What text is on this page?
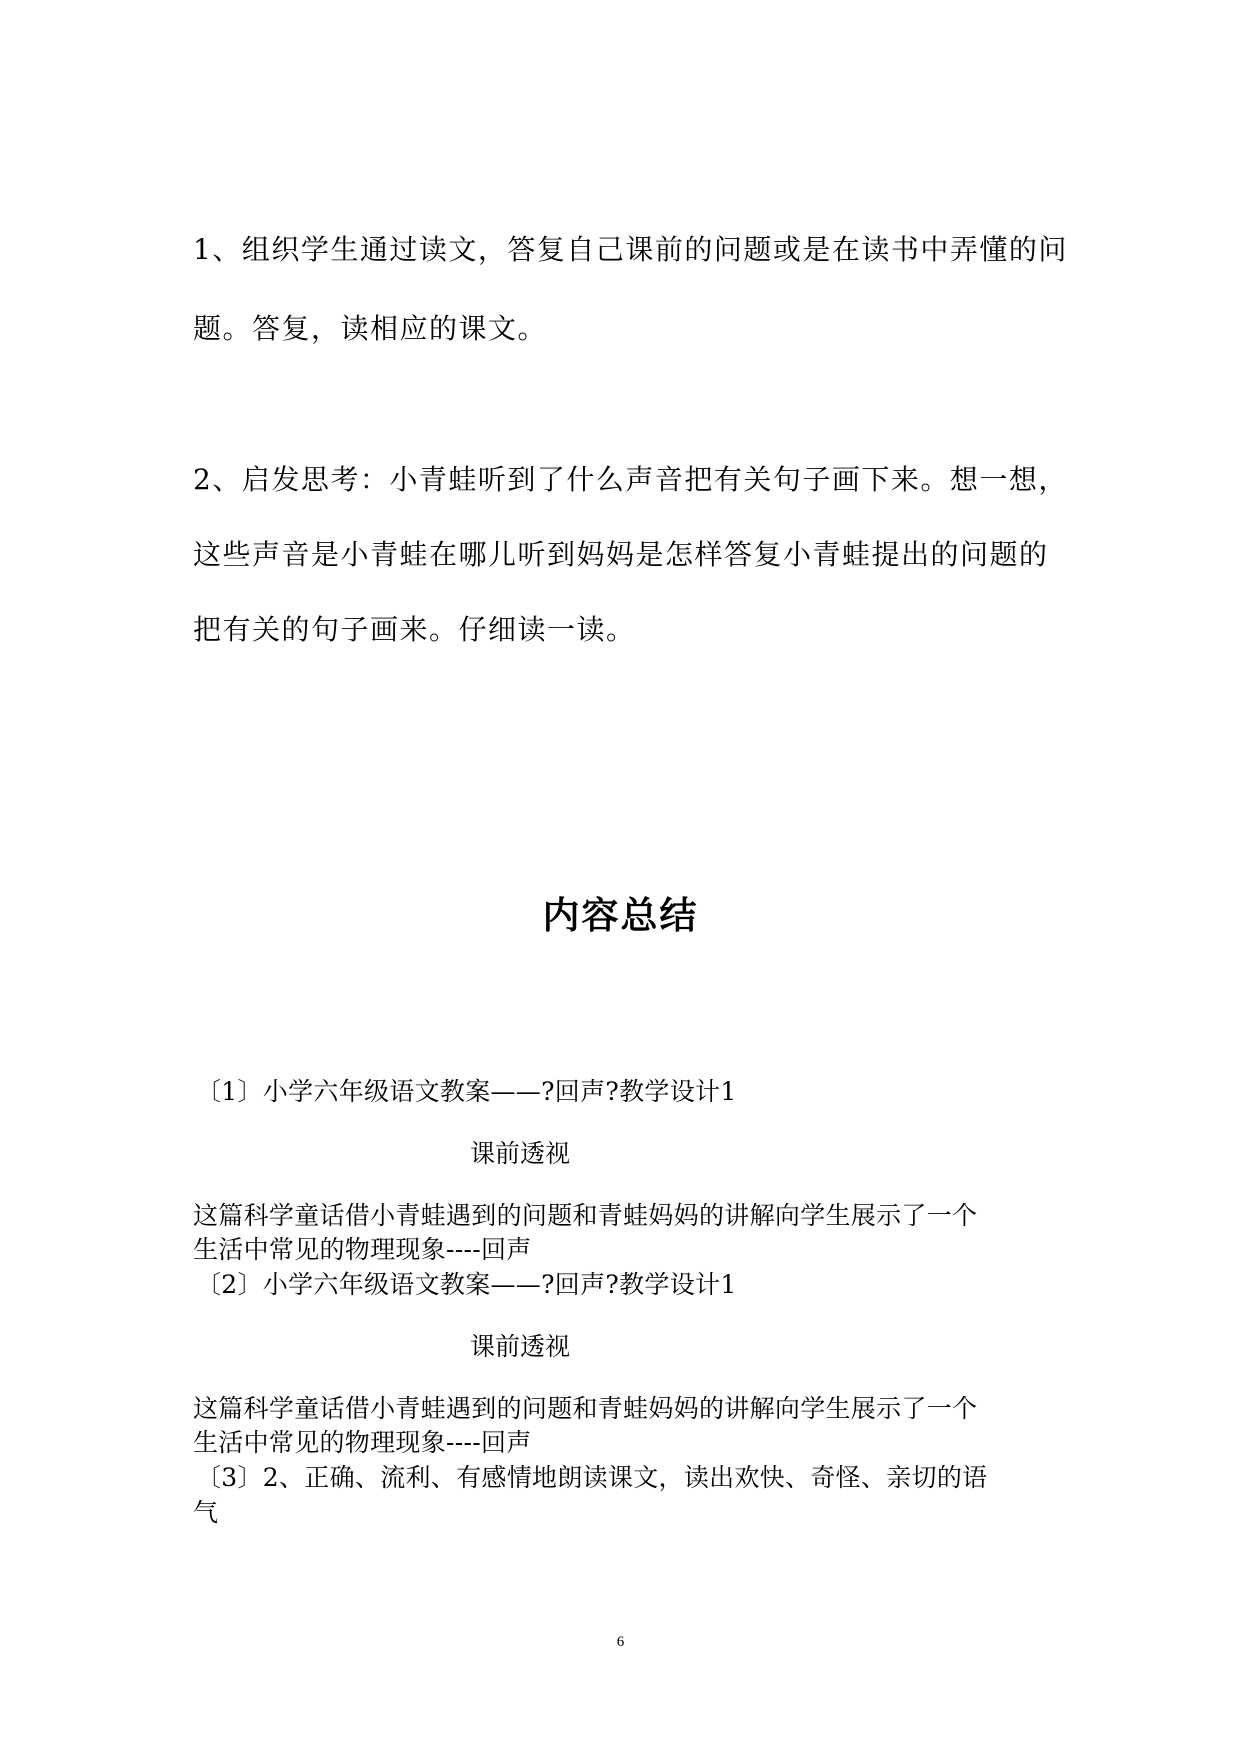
1、组织学生通过读文，答复自己课前的问题或是在读书中弄懂的问
题。答复，读相应的课文。
2、启发思考：小青蛙听到了什么声音把有关句子画下来。想一想，
这些声音是小青蛙在哪儿听到妈妈是怎样答复小青蛙提出的问题的
把有关的句子画来。仔细读一读。
内容总结
〔1〕小学六年级语文教案——?回声?教学设计1
课前透视
这篇科学童话借小青蛙遇到的问题和青蛙妈妈的讲解向学生展示了一个
生活中常见的物理现象----回声
〔2〕小学六年级语文教案——?回声?教学设计1
课前透视
这篇科学童话借小青蛙遇到的问题和青蛙妈妈的讲解向学生展示了一个
生活中常见的物理现象----回声
〔3〕2、正确、流利、有感情地朗读课文，读出欢快、奇怪、亲切的语
气
6
